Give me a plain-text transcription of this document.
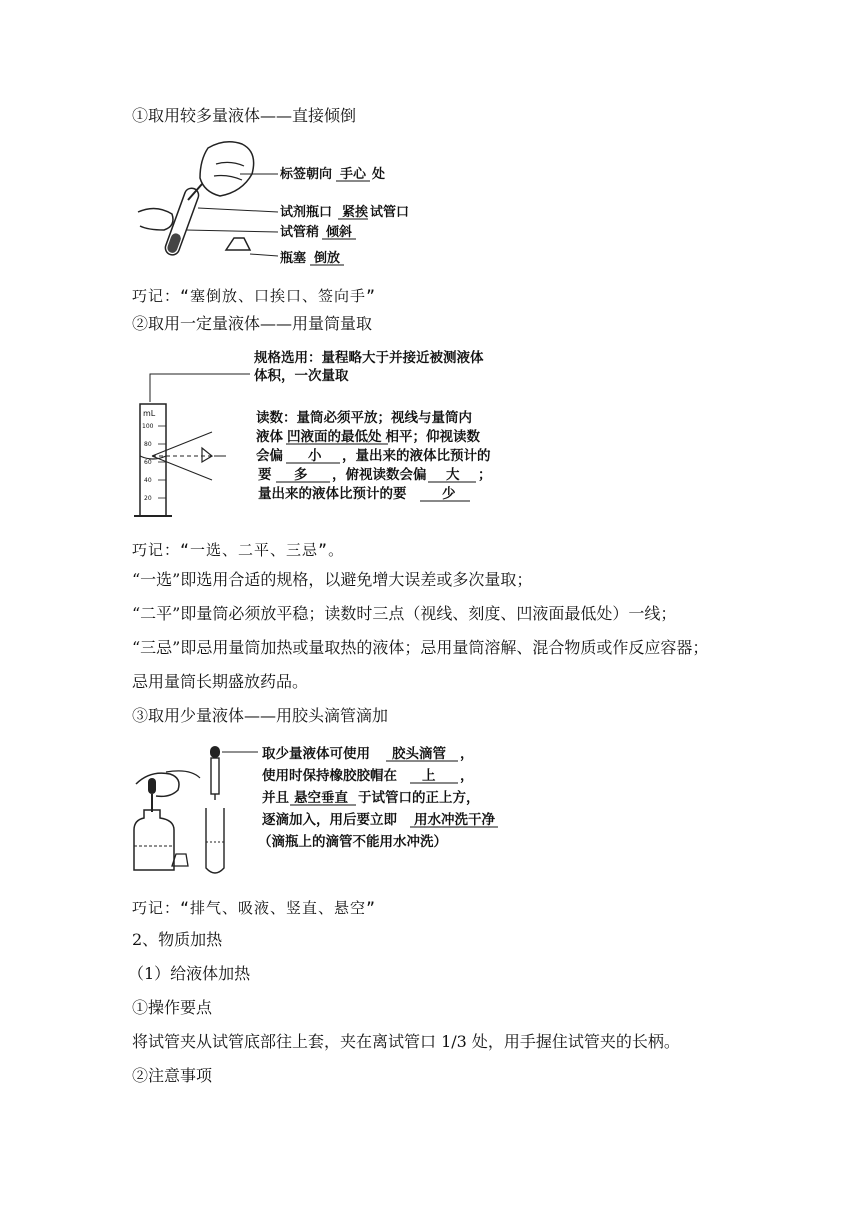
①取用较多量液体——直接倾倒
标签朝向 手心 处
试剂瓶口 紧挨 试管口
试管稍 倾斜
瓶塞 倒放
巧记：“塞倒放、口挨口、签向手”
②取用一定量液体——用量筒量取
mL
100
80
60
40
20
规格选用：量程略大于并接近被测液体
体积，一次量取
读数：量筒必须平放；视线与量筒内
液体 凹液面的最低处 相平；仰视读数
会偏 小 ，量出来的液体比预计的
要 多 ，俯视读数会偏 大 ；
量出来的液体比预计的要	少
巧记：“一选、二平、三忌”。
“一选”即选用合适的规格，以避免增大误差或多次量取；
“二平”即量筒必须放平稳；读数时三点（视线、刻度、凹液面最低处）一线；
“三忌”即忌用量筒加热或量取热的液体；忌用量筒溶解、混合物质或作反应容器；
忌用量筒长期盛放药品。
③取用少量液体——用胶头滴管滴加
取少量液体可使用 胶头滴管 ，
使用时保持橡胶胶帽在 上 ，
并且 悬空垂直 于试管口的正上方，
逐滴加入，用后要立即 用水冲洗干净
（滴瓶上的滴管不能用水冲洗）
巧记：“排气、吸液、竖直、悬空”
2、物质加热
（1）给液体加热
①操作要点
将试管夹从试管底部往上套，夹在离试管口 1/3 处，用手握住试管夹的长柄。
②注意事项
